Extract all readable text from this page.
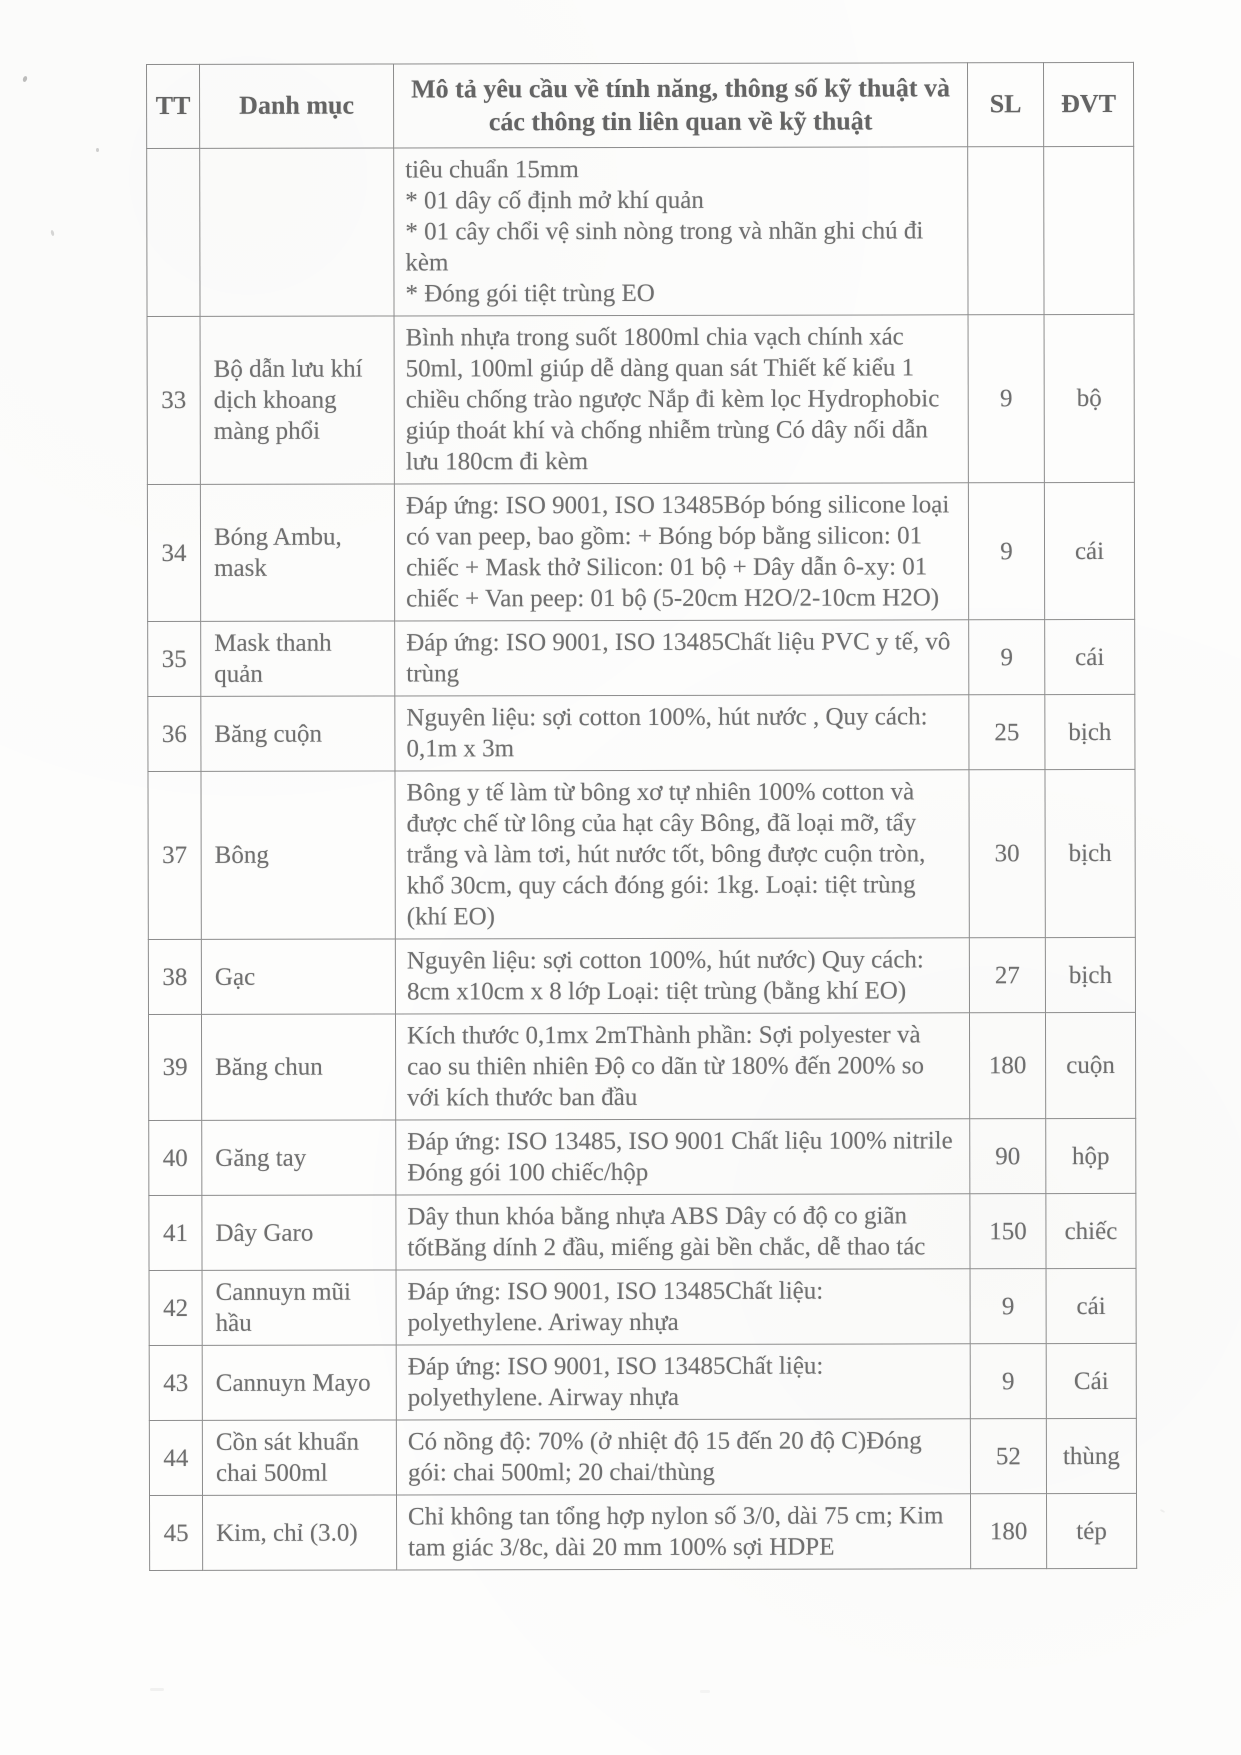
TT	Danh mục	Mô tả yêu cầu về tính năng, thông số kỹ thuật và các thông tin liên quan về kỹ thuật	SL	ĐVT
		tiêu chuẩn 15mm
* 01 dây cố định mở khí quản
* 01 cây chổi vệ sinh nòng trong và nhãn ghi chú đi kèm
* Đóng gói tiệt trùng EO		
33	Bộ dẫn lưu khí dịch khoang màng phổi	Bình nhựa trong suốt 1800ml chia vạch chính xác 50ml, 100ml giúp dễ dàng quan sát Thiết kế kiểu 1 chiều chống trào ngược Nắp đi kèm lọc Hydrophobic giúp thoát khí và chống nhiễm trùng Có dây nối dẫn lưu 180cm đi kèm	9	bộ
34	Bóng Ambu, mask	Đáp ứng: ISO 9001, ISO 13485Bóp bóng silicone loại có van peep, bao gồm: + Bóng bóp bằng silicon: 01 chiếc + Mask thở Silicon: 01 bộ + Dây dẫn ô-xy: 01 chiếc + Van peep: 01 bộ (5-20cm H2O/2-10cm H2O)	9	cái
35	Mask thanh quản	Đáp ứng: ISO 9001, ISO 13485Chất liệu PVC y tế, vô trùng	9	cái
36	Băng cuộn	Nguyên liệu: sợi cotton 100%, hút nước , Quy cách: 0,1m x 3m	25	bịch
37	Bông	Bông y tế làm từ bông xơ tự nhiên 100% cotton và được chế từ lông của hạt cây Bông, đã loại mỡ, tẩy trắng và làm tơi, hút nước tốt, bông được cuộn tròn, khổ 30cm, quy cách đóng gói: 1kg. Loại: tiệt trùng (khí EO)	30	bịch
38	Gạc	Nguyên liệu: sợi cotton 100%, hút nước) Quy cách: 8cm x10cm x 8 lớp Loại: tiệt trùng (bằng khí EO)	27	bịch
39	Băng chun	Kích thước 0,1mx 2mThành phần: Sợi polyester và cao su thiên nhiên Độ co dãn từ 180% đến 200% so với kích thước ban đầu	180	cuộn
40	Găng tay	Đáp ứng: ISO 13485, ISO 9001 Chất liệu 100% nitrile Đóng gói 100 chiếc/hộp	90	hộp
41	Dây Garo	Dây thun khóa bằng nhựa ABS Dây có độ co giãn tốtBăng dính 2 đầu, miếng gài bền chắc, dễ thao tác	150	chiếc
42	Cannuyn mũi hầu	Đáp ứng: ISO 9001, ISO 13485Chất liệu: polyethylene. Ariway nhựa	9	cái
43	Cannuyn Mayo	Đáp ứng: ISO 9001, ISO 13485Chất liệu: polyethylene. Airway nhựa	9	Cái
44	Cồn sát khuẩn chai 500ml	Có nồng độ: 70% (ở nhiệt độ 15 đến 20 độ C)Đóng gói: chai 500ml; 20 chai/thùng	52	thùng
45	Kim, chỉ (3.0)	Chỉ không tan tổng hợp nylon số 3/0, dài 75 cm; Kim tam giác 3/8c, dài 20 mm 100% sợi HDPE	180	tép
